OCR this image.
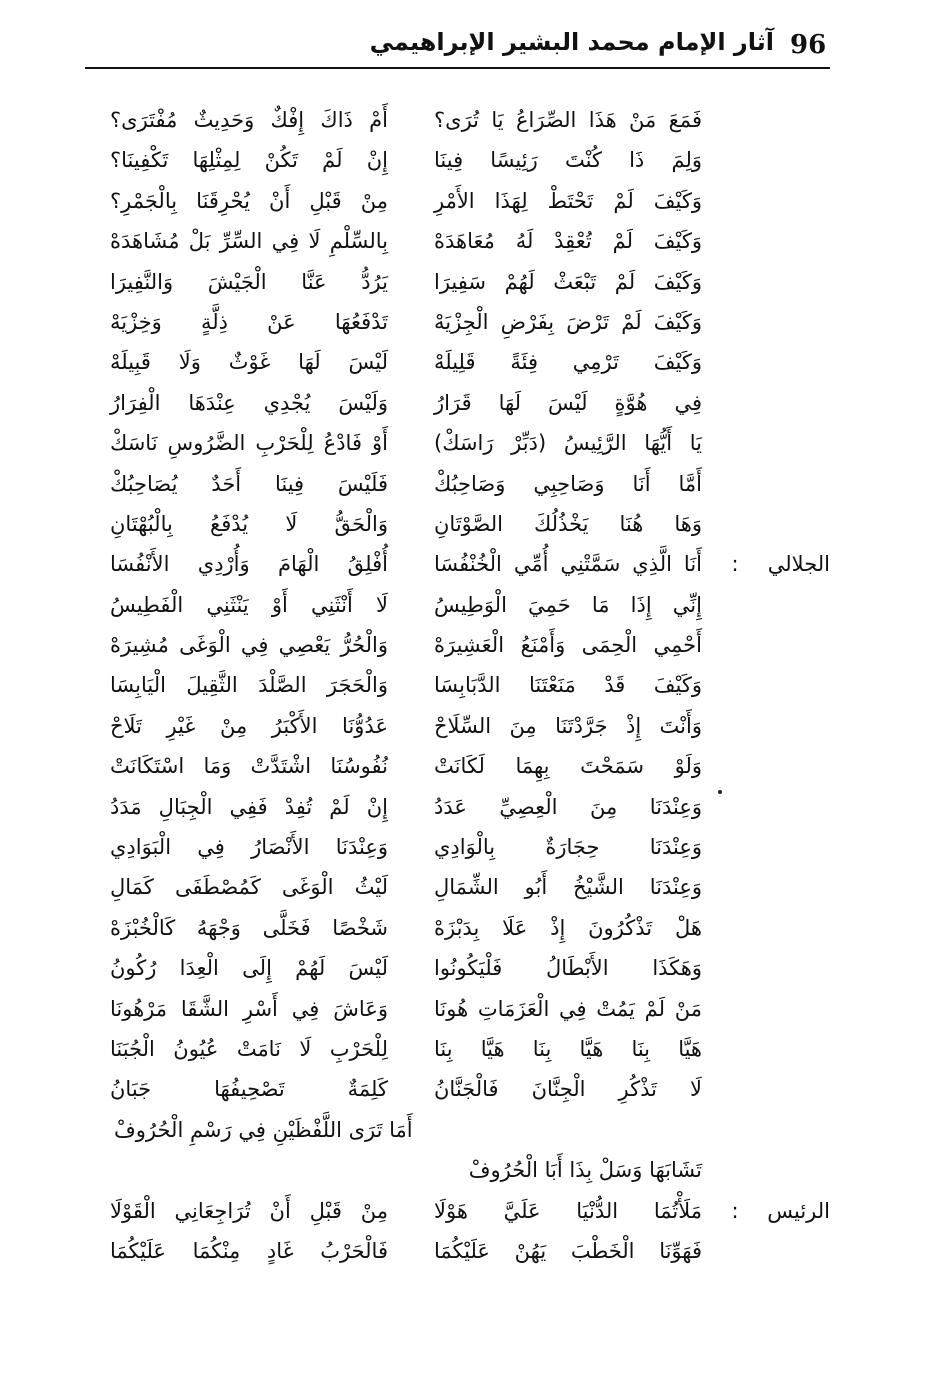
96
آثار الإمام محمد البشير الإبراهيمي
فَمَعَ مَنْ هَذَا الصِّرَاعُ يَا تُرَى؟
أَمْ ذَاكَ إِفْكٌ وَحَدِيثٌ مُفْتَرَى؟
وَلِمَ ذَا كُنْتَ رَئِيسًا فِينَا
إِنْ لَمْ تَكُنْ لِمِثْلِهَا تَكْفِينَا؟
وَكَيْفَ لَمْ تَحْتَطْ لِهَذَا الأَمْرِ
مِنْ قَبْلِ أَنْ يُحْرِقَنَا بِالْجَمْرِ؟
وَكَيْفَ لَمْ تُعْقِدْ لَهُ مُعَاهَدَهْ
بِالسِّلْمِ لَا فِي السِّرِّ بَلْ مُشَاهَدَهْ
وَكَيْفَ لَمْ تَبْعَثْ لَهُمْ سَفِيرَا
يَرُدُّ عَنَّا الْجَيْشَ وَالنَّفِيرَا
وَكَيْفَ لَمْ تَرْضَ بِفَرْضِ الْجِزْيَهْ
تَدْفَعُهَا عَنْ ذِلَّةٍ وَخِزْيَهْ
وَكَيْفَ تَرْمِي فِئَةً قَلِيلَهْ
لَيْسَ لَهَا غَوْثٌ وَلَا قَبِيلَهْ
فِي هُوَّةٍ لَيْسَ لَهَا قَرَارُ
وَلَيْسَ يُجْدِي عِنْدَهَا الْفِرَارُ
يَا أَيُّهَا الرَّئِيسُ (دَبِّرْ رَاسَكْ)
أَوْ فَادْعُ لِلْحَرْبِ الضَّرُوسِ نَاسَكْ
أَمَّا أَنَا وَصَاحِبِي وَصَاحِبُكْ
فَلَيْسَ فِينَا أَحَدٌ يُصَاحِبُكْ
وَهَا هُنَا يَخْذُلُكَ الصَّوْتَانِ
وَالْحَقُّ لَا يُدْفَعُ بِالْبُهْتَانِ
الجلالي
:
أَنَا الَّذِي سَمَّتْنِي أُمِّي الْخُنْفُسَا
أُفْلِقُ الْهَامَ وَأُرْدِي الأَنْفُسَا
إِنِّي إِذَا مَا حَمِيَ الْوَطِيسُ
لَا أَنْثَنِي أَوْ يَنْثَنِي الْفَطِيسُ
أَحْمِي الْحِمَى وَأَمْنَعُ الْعَشِيرَهْ
وَالْحُرُّ يَعْصِي فِي الْوَغَى مُشِيرَهْ
وَكَيْفَ قَدْ مَنَعْتَنَا الدَّبَابِسَا
وَالْحَجَرَ الصَّلْدَ الثَّقِيلَ الْيَابِسَا
وَأَنْتَ إِذْ جَرَّدْتَنَا مِنَ السِّلَاحْ
عَدُوُّنَا الأَكْبَرُ مِنْ غَيْرِ تَلَاحْ
وَلَوْ سَمَحْتَ بِهِمَا لَكَانَتْ
نُفُوسُنَا اشْتَدَّتْ وَمَا اسْتَكَانَتْ
وَعِنْدَنَا مِنَ الْعِصِيِّ عَدَدُ
إِنْ لَمْ تُفِدْ فَفِي الْجِبَالِ مَدَدُ
وَعِنْدَنَا حِجَارَةٌ بِالْوَادِي
وَعِنْدَنَا الأَنْصَارُ فِي الْبَوَادِي
وَعِنْدَنَا الشَّيْخُ أَبُو الشِّمَالِ
لَيْثُ الْوَغَى كَمُصْطَفَى كَمَالِ
هَلْ تَذْكُرُونَ إِذْ عَلَا بِدَبْزَهْ
شَخْصًا فَخَلَّى وَجْهَهُ كَالْخُبْزَهْ
وَهَكَذَا الأَبْطَالُ فَلْيَكُونُوا
لَيْسَ لَهُمْ إِلَى الْعِدَا رُكُونُ
مَنْ لَمْ يَمُتْ فِي الْعَزَمَاتِ هُونَا
وَعَاشَ فِي أَسْرِ الشَّقَا مَرْهُونَا
هَيَّا بِنَا هَيَّا بِنَا هَيَّا بِنَا
لِلْحَرْبِ لَا نَامَتْ عُيُونُ الْجُبَنَا
لَا تَذْكُرِ الْجِنَّانَ فَالْجَنَّانُ
كَلِمَةٌ تَصْحِيفُهَا جَبَانُ
أَمَا تَرَى اللَّفْظَيْنِ فِي رَسْمِ الْحُرُوفْ
تَشَابَهَا وَسَلْ بِذَا أَبَا الْحُرُوفْ
الرئيس
:
مَلَأْتُمَا الدُّنْيَا عَلَيَّ هَوْلَا
مِنْ قَبْلِ أَنْ تُرَاجِعَانِي الْقَوْلَا
فَهَوِّنَا الْخَطْبَ يَهُنْ عَلَيْكُمَا
فَالْحَرْبُ غَادٍ مِنْكُمَا عَلَيْكُمَا
